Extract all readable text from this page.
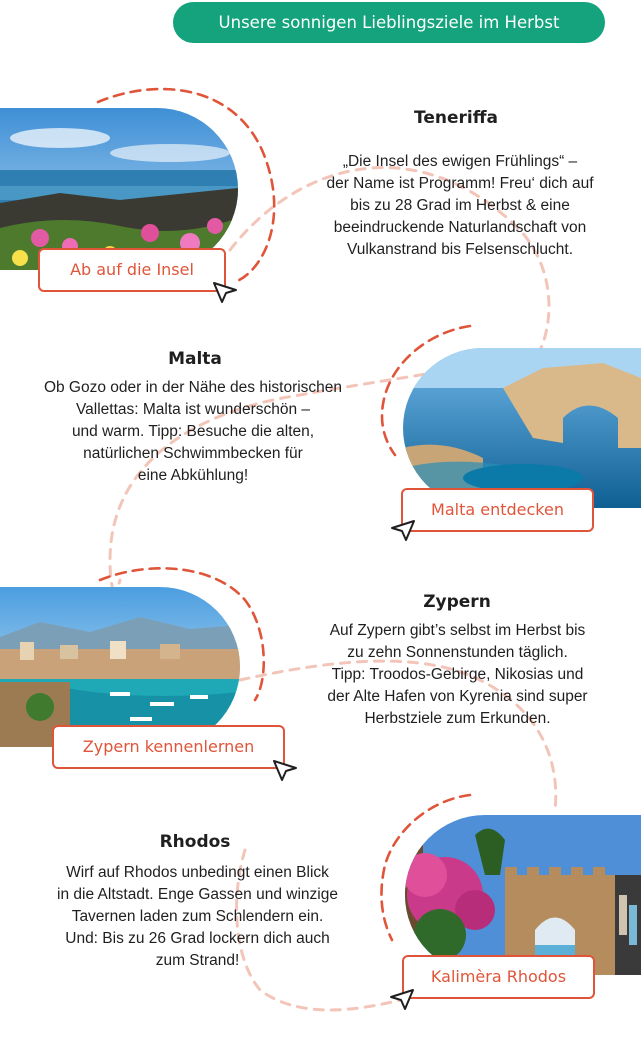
Unsere sonnigen Lieblingsziele im Herbst
Ab auf die Insel
Teneriffa

„Die Insel des ewigen Frühlings“ –
der Name ist Programm! Freu‘ dich auf
bis zu 28 Grad im Herbst & eine
beeindruckende Naturlandschaft von
Vulkanstrand bis Felsenschlucht.

Malta

Ob Gozo oder in der Nähe des historischen
Vallettas: Malta ist wunderschön –
und warm. Tipp: Besuche die alten,
natürlichen Schwimmbecken für
eine Abkühlung!

Malta entdecken
Zypern kennenlernen
Zypern

Auf Zypern gibt’s selbst im Herbst bis
zu zehn Sonnenstunden täglich.
Tipp: Troodos-Gebirge, Nikosias und
der Alte Hafen von Kyrenia sind super
Herbstziele zum Erkunden.

Rhodos

Wirf auf Rhodos unbedingt einen Blick
in die Altstadt. Enge Gassen und winzige
Tavernen laden zum Schlendern ein.
Und: Bis zu 26 Grad lockern dich auch
zum Strand!

Kalimèra Rhodos
